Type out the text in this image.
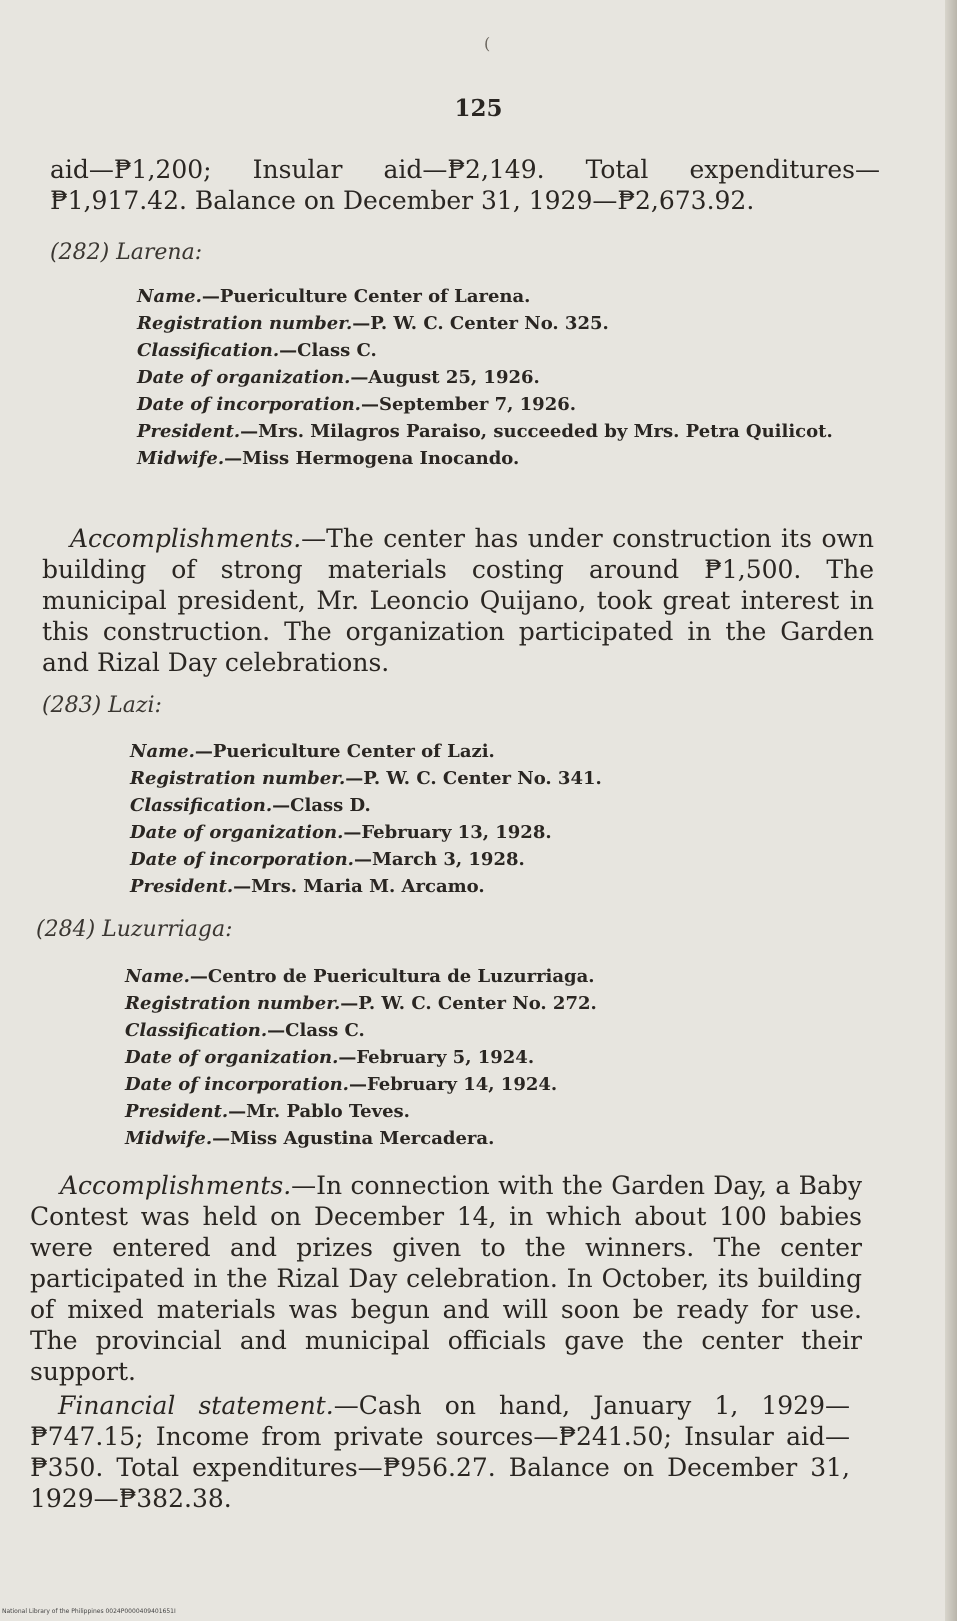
(
125

aid—₱1,200; Insular aid—₱2,149. Total expenditures—₱1,917.42. Balance on December 31, 1929—₱2,673.92.

(282) Larena:

Name.—Puericulture Center of Larena.

Registration number.—P. W. C. Center No. 325.

Classification.—Class C.

Date of organization.—August 25, 1926.

Date of incorporation.—September 7, 1926.

President.—Mrs. Milagros Paraiso, succeeded by Mrs. Petra Quilicot.

Midwife.—Miss Hermogena Inocando.

Accomplishments.—The center has under construction its own building of strong materials costing around ₱1,500. The municipal president, Mr. Leoncio Quijano, took great interest in this construction. The organization participated in the Garden and Rizal Day celebrations.

(283) Lazi:

Name.—Puericulture Center of Lazi.

Registration number.—P. W. C. Center No. 341.

Classification.—Class D.

Date of organization.—February 13, 1928.

Date of incorporation.—March 3, 1928.

President.—Mrs. Maria M. Arcamo.

(284) Luzurriaga:

Name.—Centro de Puericultura de Luzurriaga.

Registration number.—P. W. C. Center No. 272.

Classification.—Class C.

Date of organization.—February 5, 1924.

Date of incorporation.—February 14, 1924.

President.—Mr. Pablo Teves.

Midwife.—Miss Agustina Mercadera.

Accomplishments.—In connection with the Garden Day, a Baby Contest was held on December 14, in which about 100 babies were entered and prizes given to the winners. The center participated in the Rizal Day celebration. In October, its building of mixed materials was begun and will soon be ready for use. The provincial and municipal officials gave the center their support.

Financial statement.—Cash on hand, January 1, 1929—₱747.15; Income from private sources—₱241.50; Insular aid—₱350. Total expenditures—₱956.27. Balance on December 31, 1929—₱382.38.

National Library of the Philippines 0024P0000409401651I
